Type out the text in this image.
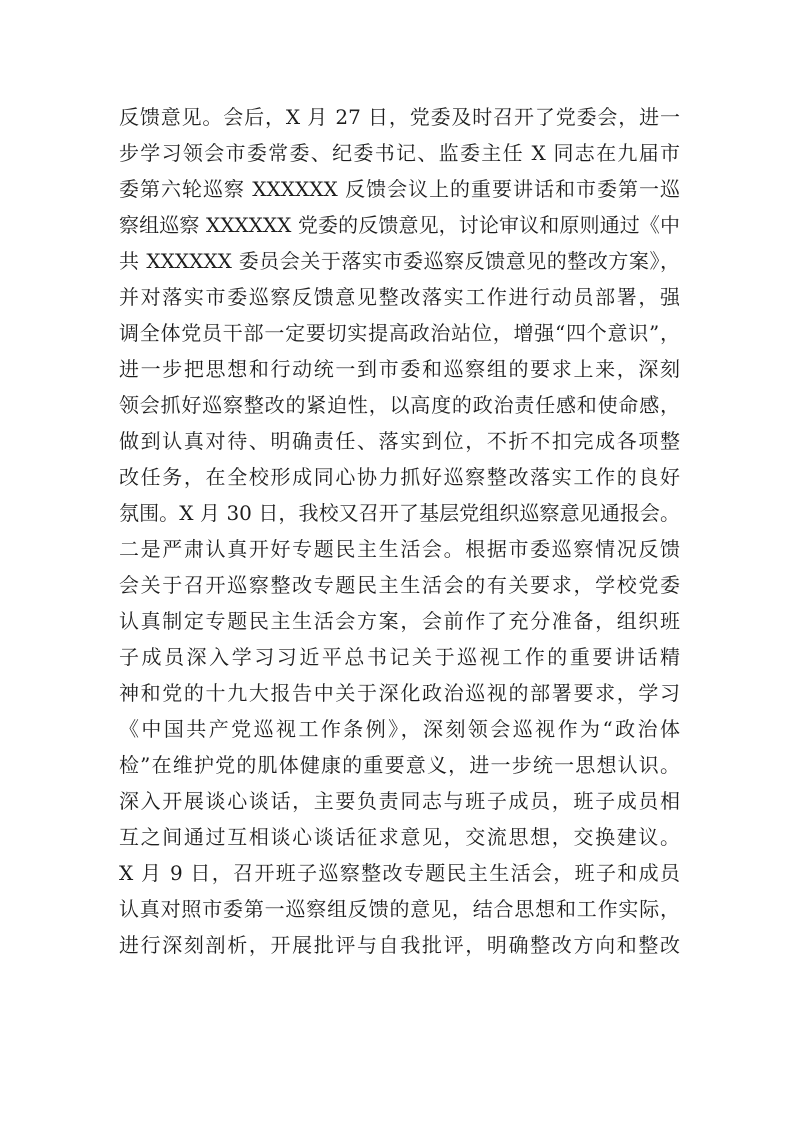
反馈意见。会后，X 月 27 日，党委及时召开了党委会，进一
步学习领会市委常委、纪委书记、监委主任 X 同志在九届市
委第六轮巡察 XXXXXX 反馈会议上的重要讲话和市委第一巡
察组巡察 XXXXXX 党委的反馈意见，讨论审议和原则通过《中
共 XXXXXX 委员会关于落实市委巡察反馈意见的整改方案》，
并对落实市委巡察反馈意见整改落实工作进行动员部署，强
调全体党员干部一定要切实提高政治站位，增强“四个意识”，
进一步把思想和行动统一到市委和巡察组的要求上来，深刻
领会抓好巡察整改的紧迫性，以高度的政治责任感和使命感，
做到认真对待、明确责任、落实到位，不折不扣完成各项整
改任务，在全校形成同心协力抓好巡察整改落实工作的良好
氛围。X 月 30 日，我校又召开了基层党组织巡察意见通报会。
二是严肃认真开好专题民主生活会。根据市委巡察情况反馈
会关于召开巡察整改专题民主生活会的有关要求，学校党委
认真制定专题民主生活会方案，会前作了充分准备，组织班
子成员深入学习习近平总书记关于巡视工作的重要讲话精
神和党的十九大报告中关于深化政治巡视的部署要求，学习
《中国共产党巡视工作条例》，深刻领会巡视作为“政治体
检”在维护党的肌体健康的重要意义，进一步统一思想认识。
深入开展谈心谈话，主要负责同志与班子成员，班子成员相
互之间通过互相谈心谈话征求意见，交流思想，交换建议。
X 月 9 日，召开班子巡察整改专题民主生活会，班子和成员
认真对照市委第一巡察组反馈的意见，结合思想和工作实际，
进行深刻剖析，开展批评与自我批评，明确整改方向和整改
